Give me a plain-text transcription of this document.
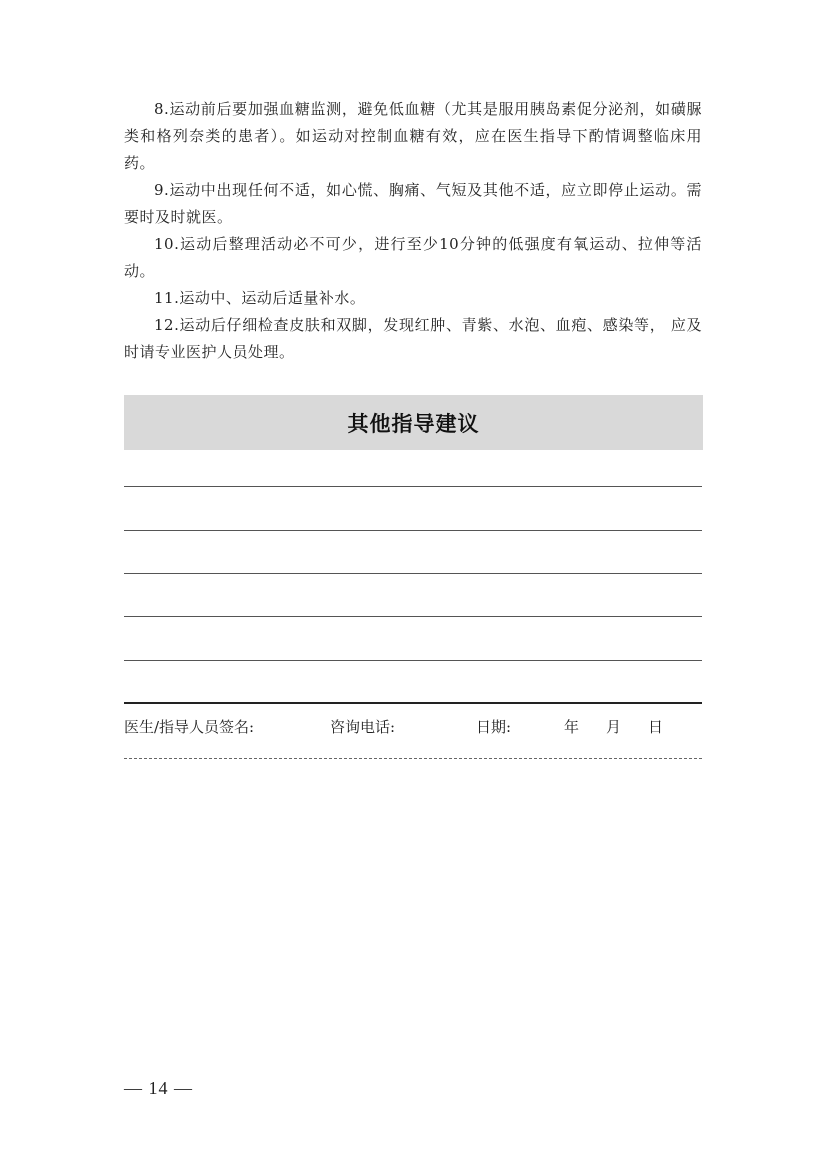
8.运动前后要加强血糖监测，避免低血糖（尤其是服用胰岛素促分泌剂，如磺脲类和格列奈类的患者）。如运动对控制血糖有效，应在医生指导下酌情调整临床用药。

9.运动中出现任何不适，如心慌、胸痛、气短及其他不适，应立即停止运动。需要时及时就医。

10.运动后整理活动必不可少，进行至少10分钟的低强度有氧运动、拉伸等活动。

11.运动中、运动后适量补水。

12.运动后仔细检查皮肤和双脚，发现红肿、青紫、水泡、血疱、感染等， 应及时请专业医护人员处理。

其他指导建议
医生/指导人员签名:	咨询电话:	日期:	年 月 日
— 14 —
